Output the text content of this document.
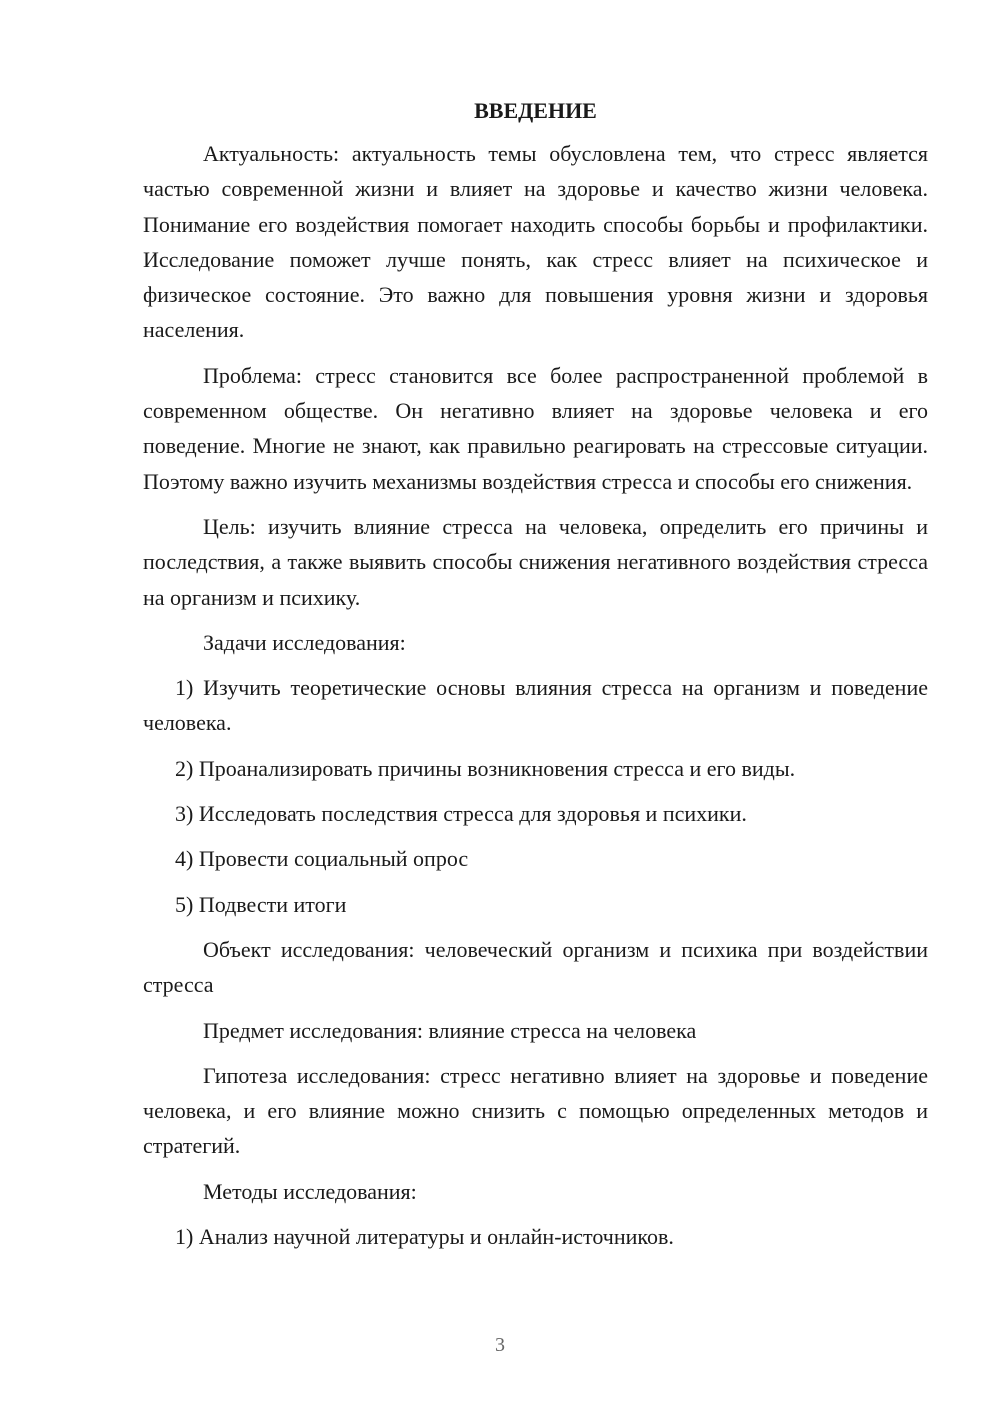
ВВЕДЕНИЕ

Актуальность: актуальность темы обусловлена тем, что стресс является частью современной жизни и влияет на здоровье и качество жизни человека. Понимание его воздействия помогает находить способы борьбы и профилактики. Исследование поможет лучше понять, как стресс влияет на психическое и физическое состояние. Это важно для повышения уровня жизни и здоровья населения.

Проблема: стресс становится все более распространенной проблемой в современном обществе. Он негативно влияет на здоровье человека и его поведение. Многие не знают, как правильно реагировать на стрессовые ситуации. Поэтому важно изучить механизмы воздействия стресса и способы его снижения.

Цель: изучить влияние стресса на человека, определить его причины и последствия, а также выявить способы снижения негативного воздействия стресса на организм и психику.

Задачи исследования:

1) Изучить теоретические основы влияния стресса на организм и поведение человека.

2) Проанализировать причины возникновения стресса и его виды.

3) Исследовать последствия стресса для здоровья и психики.

4) Провести социальный опрос

5) Подвести итоги

Объект исследования: человеческий организм и психика при воздействии стресса

Предмет исследования: влияние стресса на человека

Гипотеза исследования: стресс негативно влияет на здоровье и поведение человека, и его влияние можно снизить с помощью определенных методов и стратегий.

Методы исследования:

1) Анализ научной литературы и онлайн-источников.

3
